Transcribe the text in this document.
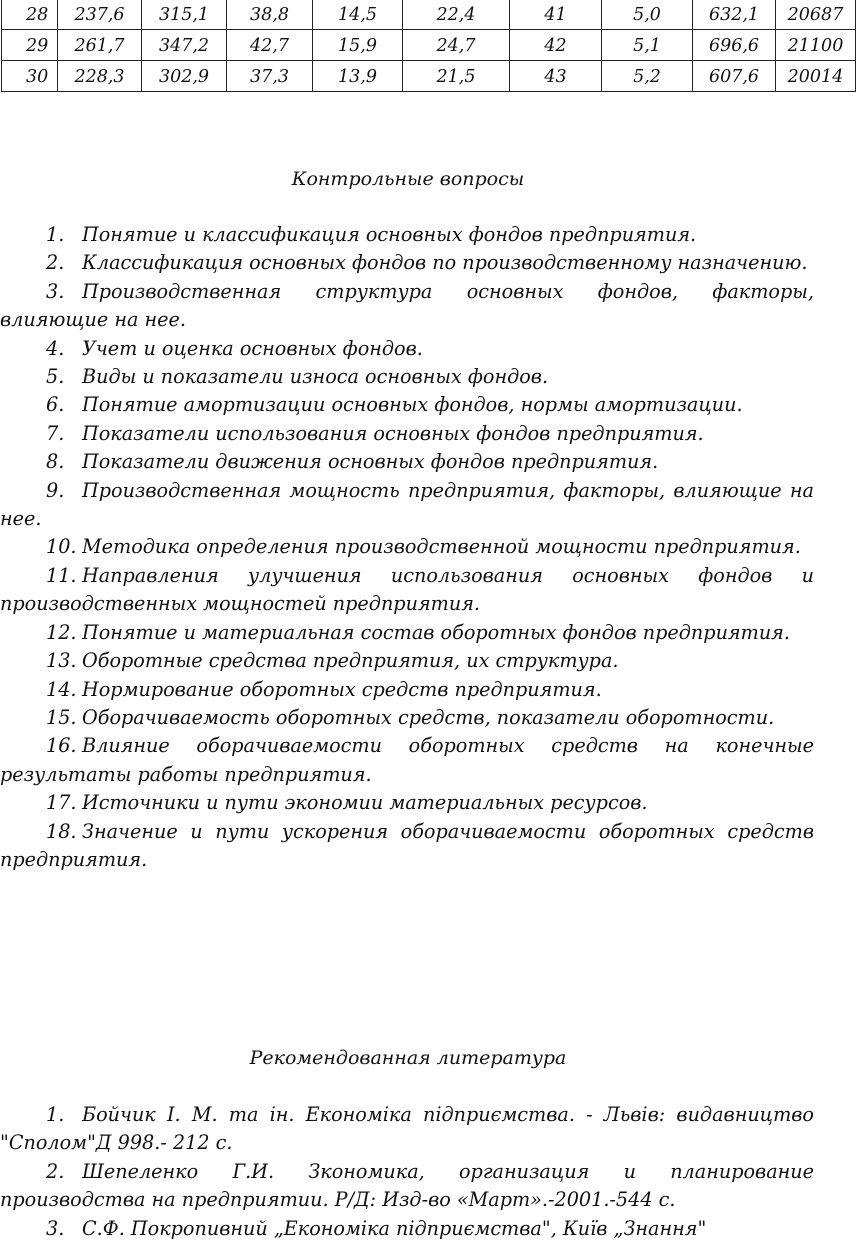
28	237,6	315,1	38,8	14,5	22,4	41	5,0	632,1	20687
29	261,7	347,2	42,7	15,9	24,7	42	5,1	696,6	21100
30	228,3	302,9	37,3	13,9	21,5	43	5,2	607,6	20014
Контрольные вопросы
1. Понятие и классификация основных фондов предприятия.
2. Классификация основных фондов по производственному назначению.
3. Производственная структура основных фондов, факторы, влияющие на нее.
4. Учет и оценка основных фондов.
5. Виды и показатели износа основных фондов.
6. Понятие амортизации основных фондов, нормы амортизации.
7. Показатели использования основных фондов предприятия.
8. Показатели движения основных фондов предприятия.
9. Производственная мощность предприятия, факторы, влияющие на нее.
10. Методика определения производственной мощности предприятия.
11. Направления улучшения использования основных фондов и производственных мощностей предприятия.
12. Понятие и материальная состав оборотных фондов предприятия.
13. Оборотные средства предприятия, их структура.
14. Нормирование оборотных средств предприятия.
15. Оборачиваемость оборотных средств, показатели оборотности.
16. Влияние оборачиваемости оборотных средств на конечные результаты работы предприятия.
17. Источники и пути экономии материальных ресурсов.
18. Значение и пути ускорения оборачиваемости оборотных средств предприятия.
Рекомендованная литература
1. Бойчик І. М. та ін. Економіка підприємства. - Львів: видавництво "Сполом"Д 998.- 212 с.
2. Шепеленко Г.И. Зкономика, организация и планирование производства на предприятии. Р/Д: Изд-во «Март».-2001.-544 с.
3. С.Ф. Покропивний „Економіка підприємства", Київ „Знання"
